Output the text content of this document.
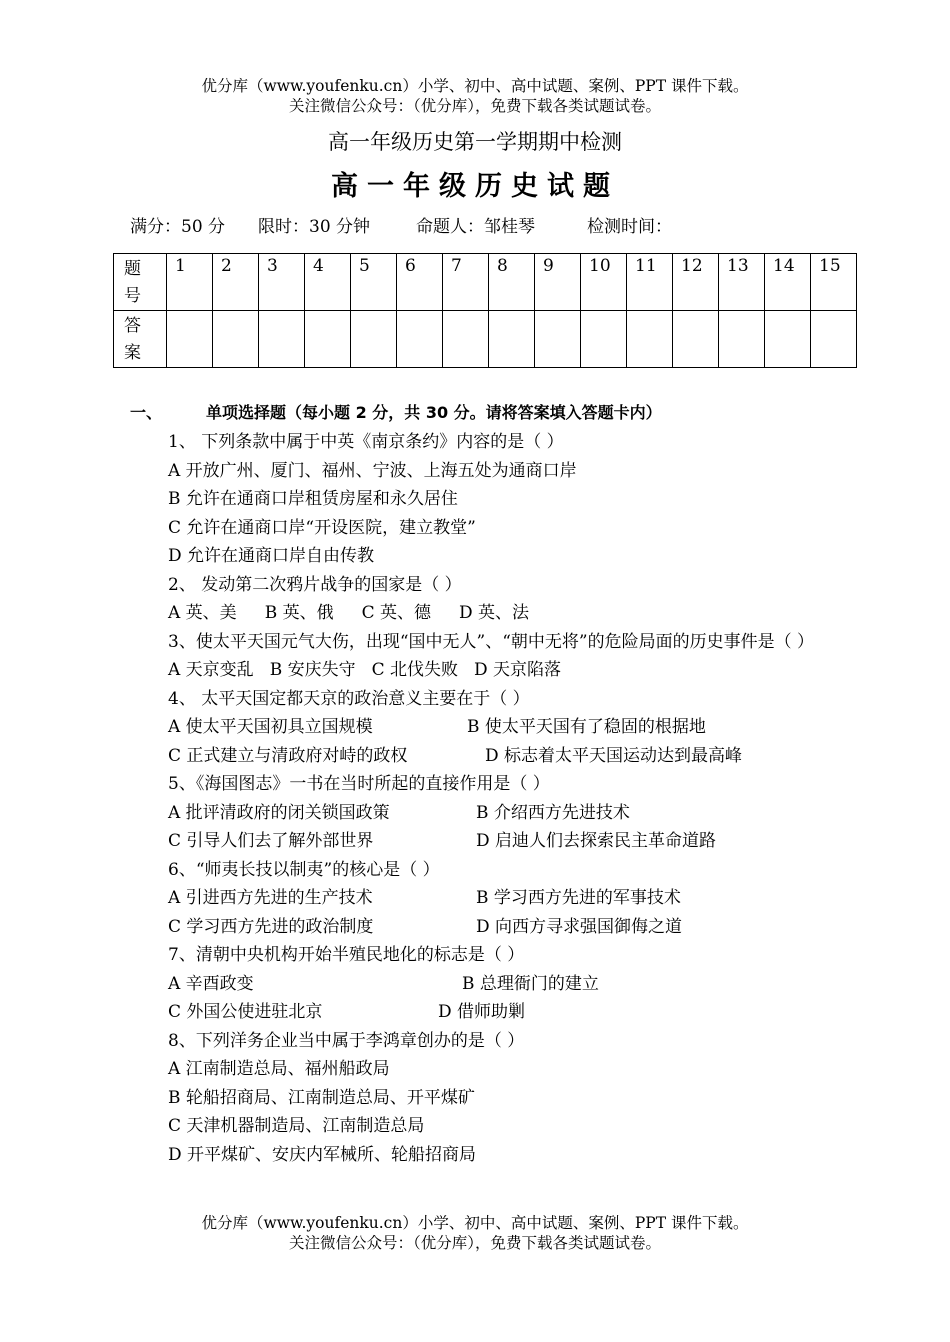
优分库（www.youfenku.cn）小学、初中、高中试题、案例、PPT 课件下载。
关注微信公众号：（优分库），免费下载各类试题试卷。
高一年级历史第一学期期中检测
高一年级历史试题
满分：50 分 限时：30 分钟	命题人：邹桂琴	检测时间：
题
号	1	2	3	4	5	6	7	8	9	10	11	12	13	14	15
答
案															
一、	单项选择题（每小题 2 分，共 30 分。请将答案填入答题卡内）
1、 下列条款中属于中英《南京条约》内容的是（ ）
A 开放广州、厦门、福州、宁波、上海五处为通商口岸
B 允许在通商口岸租赁房屋和永久居住
C 允许在通商口岸“开设医院，建立教堂”
D 允许在通商口岸自由传教
2、 发动第二次鸦片战争的国家是（ ）
A 英、美 B 英、俄 C 英、德 D 英、法
3、使太平天国元气大伤，出现“国中无人”、“朝中无将”的危险局面的历史事件是（ ）
A 天京变乱 B 安庆失守 C 北伐失败 D 天京陷落
4、 太平天国定都天京的政治意义主要在于（ ）
A 使太平天国初具立国规模	B 使太平天国有了稳固的根据地
C 正式建立与清政府对峙的政权	D 标志着太平天国运动达到最高峰
5、《海国图志》一书在当时所起的直接作用是（ ）
A 批评清政府的闭关锁国政策	B 介绍西方先进技术
C 引导人们去了解外部世界	D 启迪人们去探索民主革命道路
6、“师夷长技以制夷”的核心是（ ）
A 引进西方先进的生产技术	B 学习西方先进的军事技术
C 学习西方先进的政治制度	D 向西方寻求强国御侮之道
7、清朝中央机构开始半殖民地化的标志是（ ）
A 辛酉政变	B 总理衙门的建立
C 外国公使进驻北京	D 借师助剿
8、下列洋务企业当中属于李鸿章创办的是（ ）
A 江南制造总局、福州船政局
B 轮船招商局、江南制造总局、开平煤矿
C 天津机器制造局、江南制造总局
D 开平煤矿、安庆内军械所、轮船招商局
优分库（www.youfenku.cn）小学、初中、高中试题、案例、PPT 课件下载。
关注微信公众号：（优分库），免费下载各类试题试卷。
